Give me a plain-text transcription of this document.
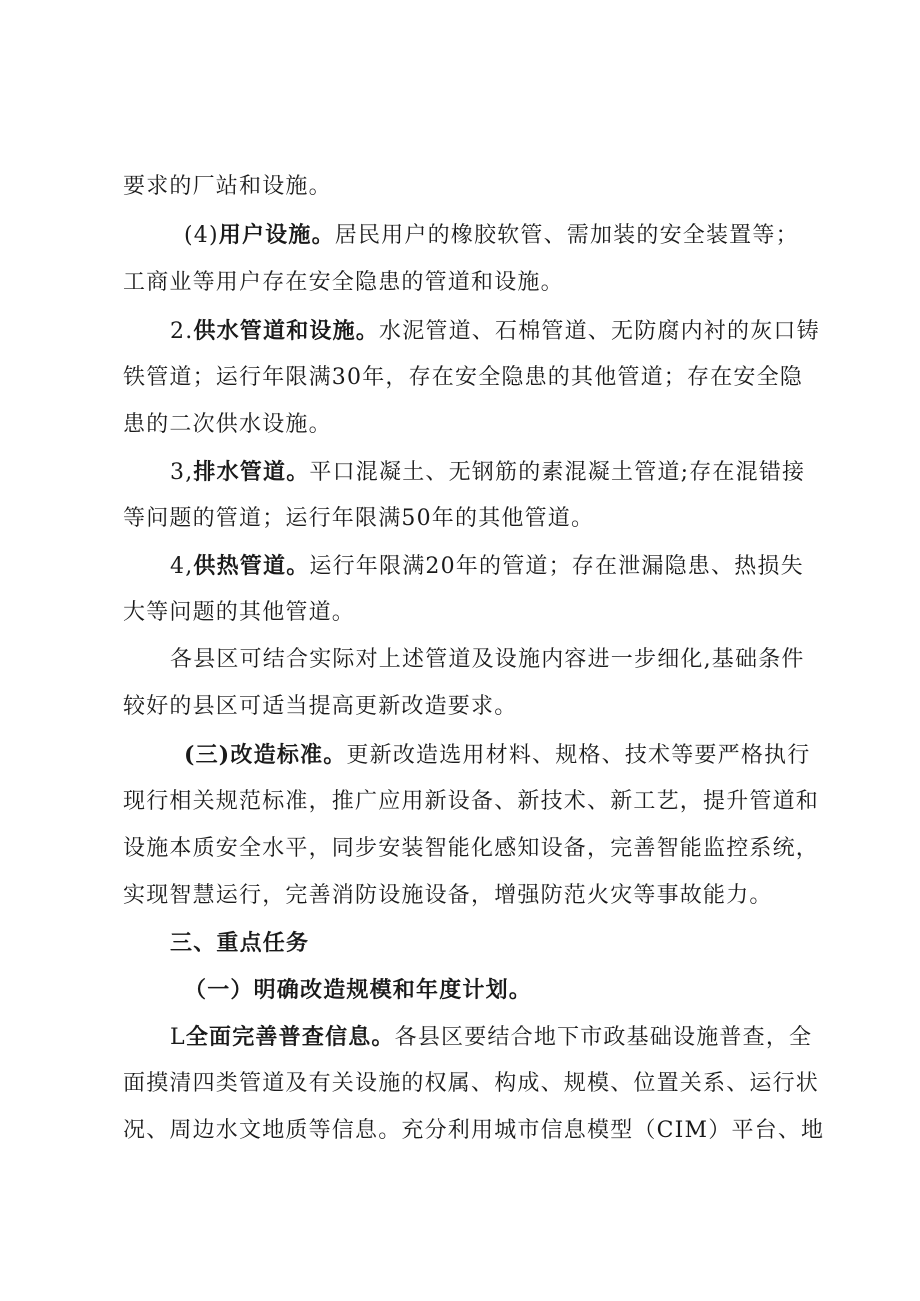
要求的厂站和设施。
(4)用户设施。居民用户的橡胶软管、需加装的安全装置等；
工商业等用户存在安全隐患的管道和设施。
2.供水管道和设施。水泥管道、石棉管道、无防腐内衬的灰口铸
铁管道；运行年限满30年，存在安全隐患的其他管道；存在安全隐
患的二次供水设施。
3,排水管道。平口混凝土、无钢筋的素混凝土管道;存在混错接
等问题的管道；运行年限满50年的其他管道。
4,供热管道。运行年限满20年的管道；存在泄漏隐患、热损失
大等问题的其他管道。
各县区可结合实际对上述管道及设施内容进一步细化,基础条件
较好的县区可适当提高更新改造要求。
(三)改造标准。更新改造选用材料、规格、技术等要严格执行
现行相关规范标准，推广应用新设备、新技术、新工艺，提升管道和
设施本质安全水平，同步安装智能化感知设备，完善智能监控系统，
实现智慧运行，完善消防设施设备，增强防范火灾等事故能力。
三、重点任务
（一）明确改造规模和年度计划。
L全面完善普查信息。各县区要结合地下市政基础设施普查，全
面摸清四类管道及有关设施的权属、构成、规模、位置关系、运行状
况、周边水文地质等信息。充分利用城市信息模型（CIM）平台、地
